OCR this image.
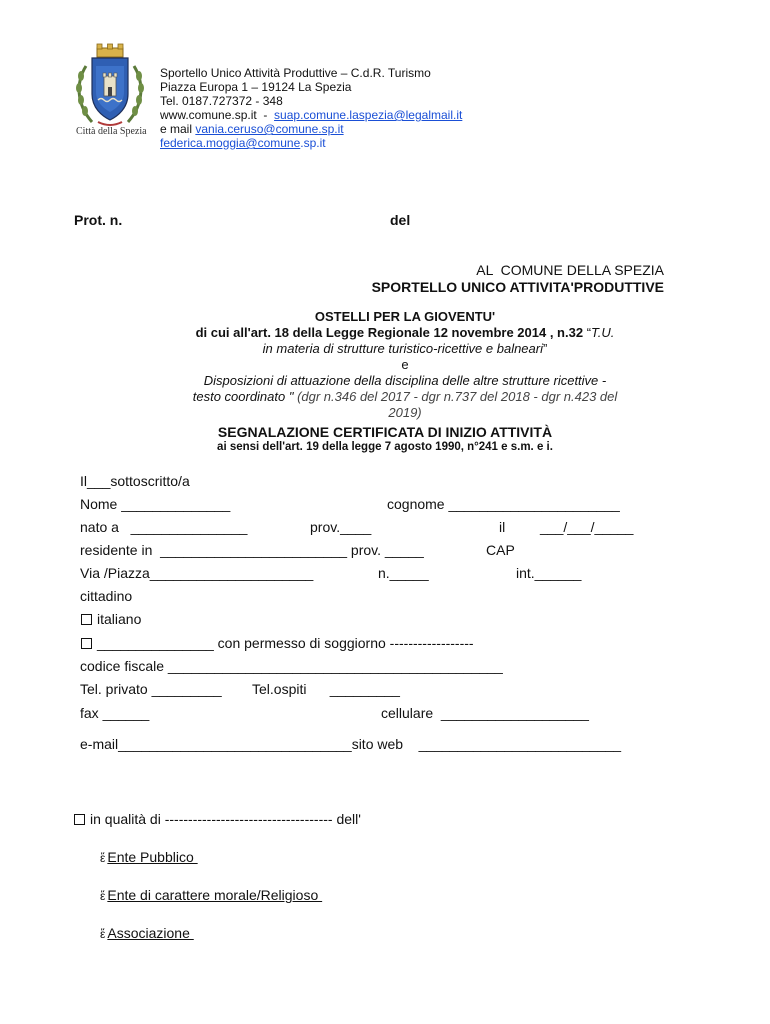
Città della Spezia
Sportello Unico Attività Produttive – C.d.R. Turismo
Piazza Europa 1 – 19124 La Spezia
Tel. 0187.727372 - 348
www.comune.sp.it  -  suap.comune.laspezia@legalmail.it
e mail vania.ceruso@comune.sp.it
federica.moggia@comune.sp.it
Prot. n.	del
AL  COMUNE DELLA SPEZIA
SPORTELLO UNICO ATTIVITA'PRODUTTIVE
OSTELLI PER LA GIOVENTU'
di cui all'art. 18 della Legge Regionale 12 novembre 2014 , n.32 “T.U.
in materia di strutture turistico-ricettive e balneari”
e
Disposizioni di attuazione della disciplina delle altre strutture ricettive -
testo coordinato " (dgr n.346 del 2017 - dgr n.737 del 2018 - dgr n.423 del
2019)
SEGNALAZIONE CERTIFICATA DI INIZIO ATTIVITÀ
ai sensi dell'art. 19 della legge 7 agosto 1990, n°241 e s.m. e i.
Il___sottoscritto/a
Nome ______________	cognome ______________________
nato a   _______________	prov.____	il ___/___/_____
residente in  ________________________ prov. _____	CAP
Via /Piazza_____________________	n._____	int.______
cittadino
italiano
_______________ con permesso di soggiorno ------------------
codice fiscale ___________________________________________
Tel. privato _________ Tel.ospiti      _________
fax ______	cellulare  ___________________
e-mail______________________________sito web    __________________________
in qualità di ------------------------------------ dell'
ἕ Ente Pubblico
ἕ Ente di carattere morale/Religioso
ἕ Associazione
